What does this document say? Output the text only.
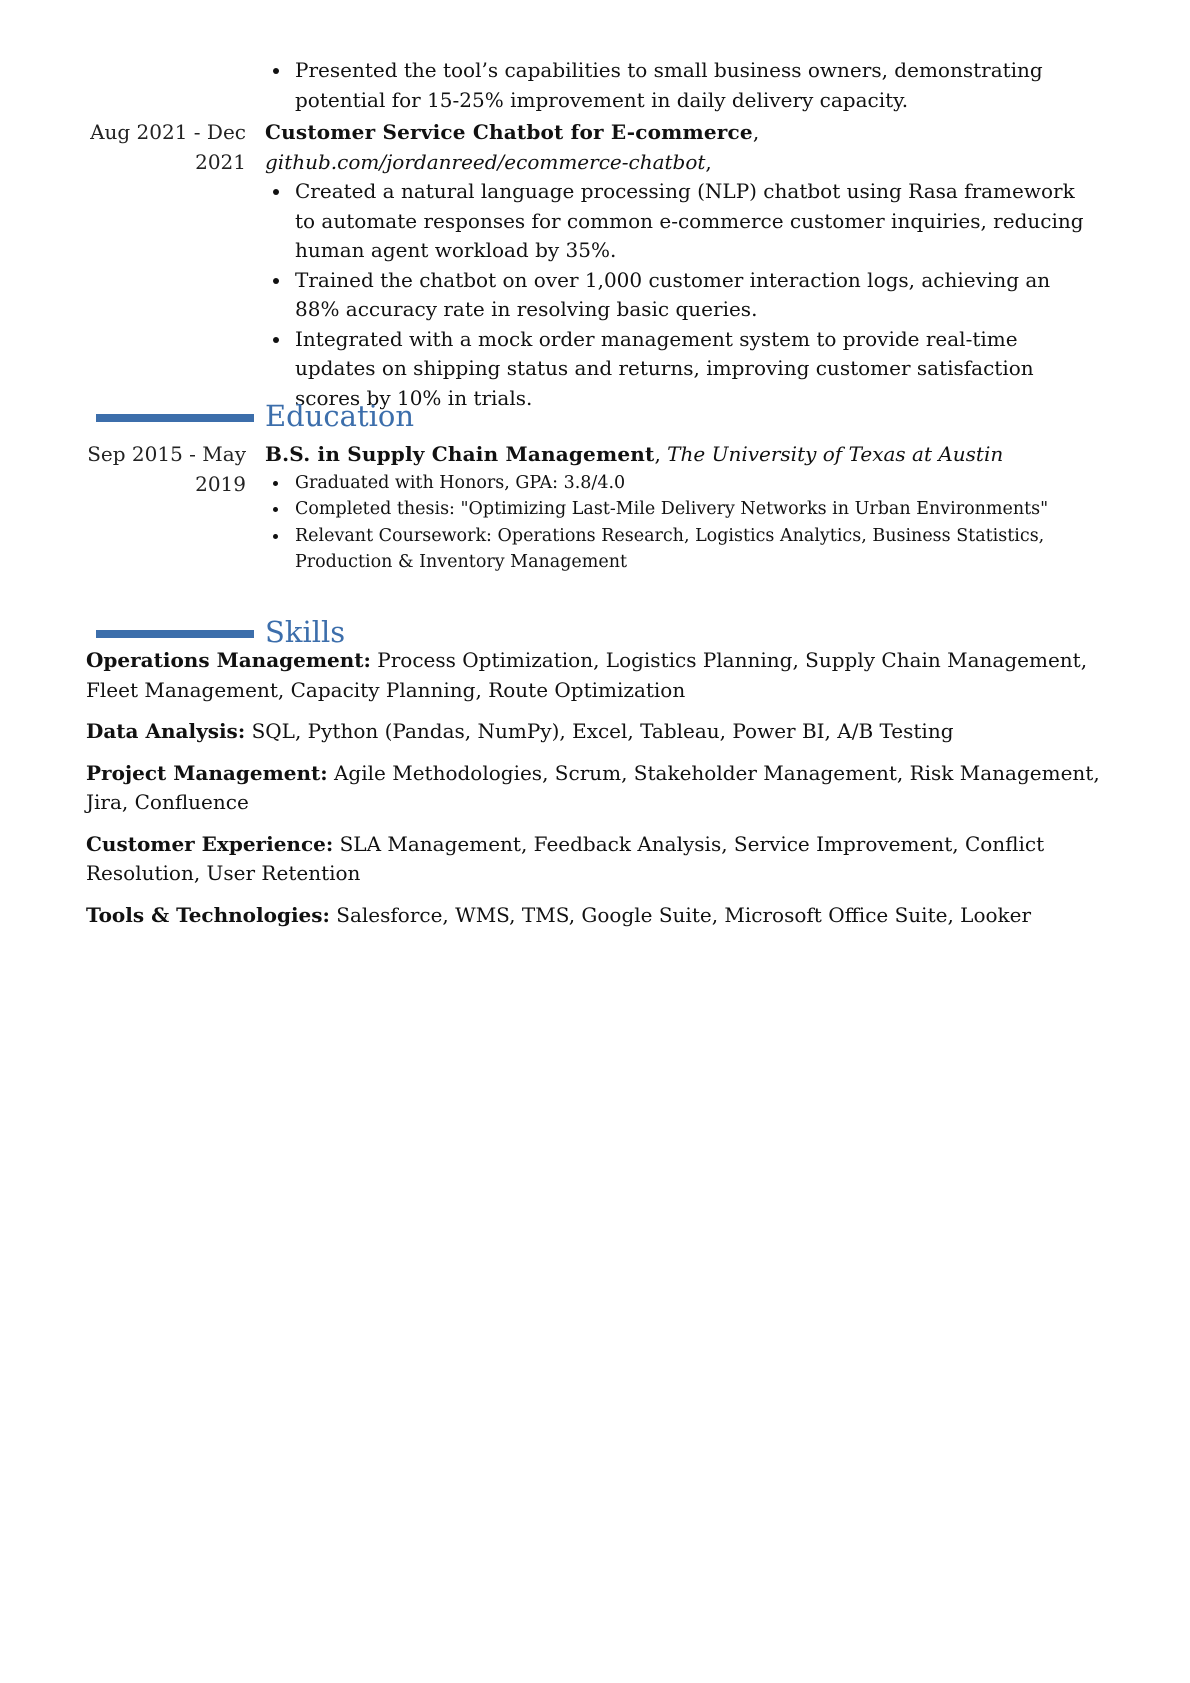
Presented the tool’s capabilities to small business owners, demonstrating potential for 15-25% improvement in daily delivery capacity.
Aug 2021 - Dec 2021
Customer Service Chatbot for E-commerce, github.com/jordanreed/ecommerce-chatbot,
Created a natural language processing (NLP) chatbot using Rasa framework to automate responses for common e-commerce customer inquiries, reducing human agent workload by 35%.
Trained the chatbot on over 1,000 customer interaction logs, achieving an 88% accuracy rate in resolving basic queries.
Integrated with a mock order management system to provide real-time updates on shipping status and returns, improving customer satisfaction scores by 10% in trials.
Education
Sep 2015 - May 2019
B.S. in Supply Chain Management, The University of Texas at Austin
Graduated with Honors, GPA: 3.8/4.0
Completed thesis: "Optimizing Last-Mile Delivery Networks in Urban Environments"
Relevant Coursework: Operations Research, Logistics Analytics, Business Statistics, Production & Inventory Management
Skills
Operations Management: Process Optimization, Logistics Planning, Supply Chain Management, Fleet Management, Capacity Planning, Route Optimization
Data Analysis: SQL, Python (Pandas, NumPy), Excel, Tableau, Power BI, A/B Testing
Project Management: Agile Methodologies, Scrum, Stakeholder Management, Risk Management, Jira, Confluence
Customer Experience: SLA Management, Feedback Analysis, Service Improvement, Conflict Resolution, User Retention
Tools & Technologies: Salesforce, WMS, TMS, Google Suite, Microsoft Office Suite, Looker
